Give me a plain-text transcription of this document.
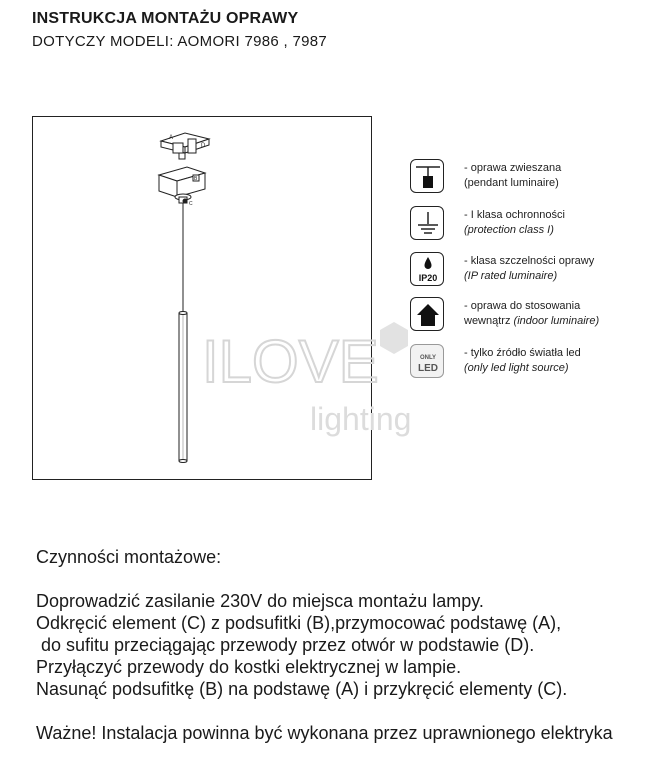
INSTRUKCJA MONTAŻU OPRAWY
DOTYCZY MODELI: AOMORI 7986 , 7987
A
D
B
C
ILOVE
lighting
- oprawa zwieszana
(pendant luminaire)
- I klasa ochronności
(protection class I)
IP20
- klasa szczelności oprawy
(IP rated luminaire)
- oprawa do stosowania
wewnątrz (indoor luminaire)
ONLY
LED
- tylko źródło światła led
(only led light source)

Czynności montażowe:

Doprowadzić zasilanie 230V do miejsca montażu lampy.

Odkręcić element (C) z podsufitki (B),przymocować podstawę (A),

do sufitu przeciągając przewody przez otwór w podstawie (D).

Przyłączyć przewody do kostki elektrycznej w lampie.

Nasunąć podsufitkę (B) na podstawę (A) i przykręcić elementy (C).

Ważne! Instalacja powinna być wykonana przez uprawnionego elektryka
